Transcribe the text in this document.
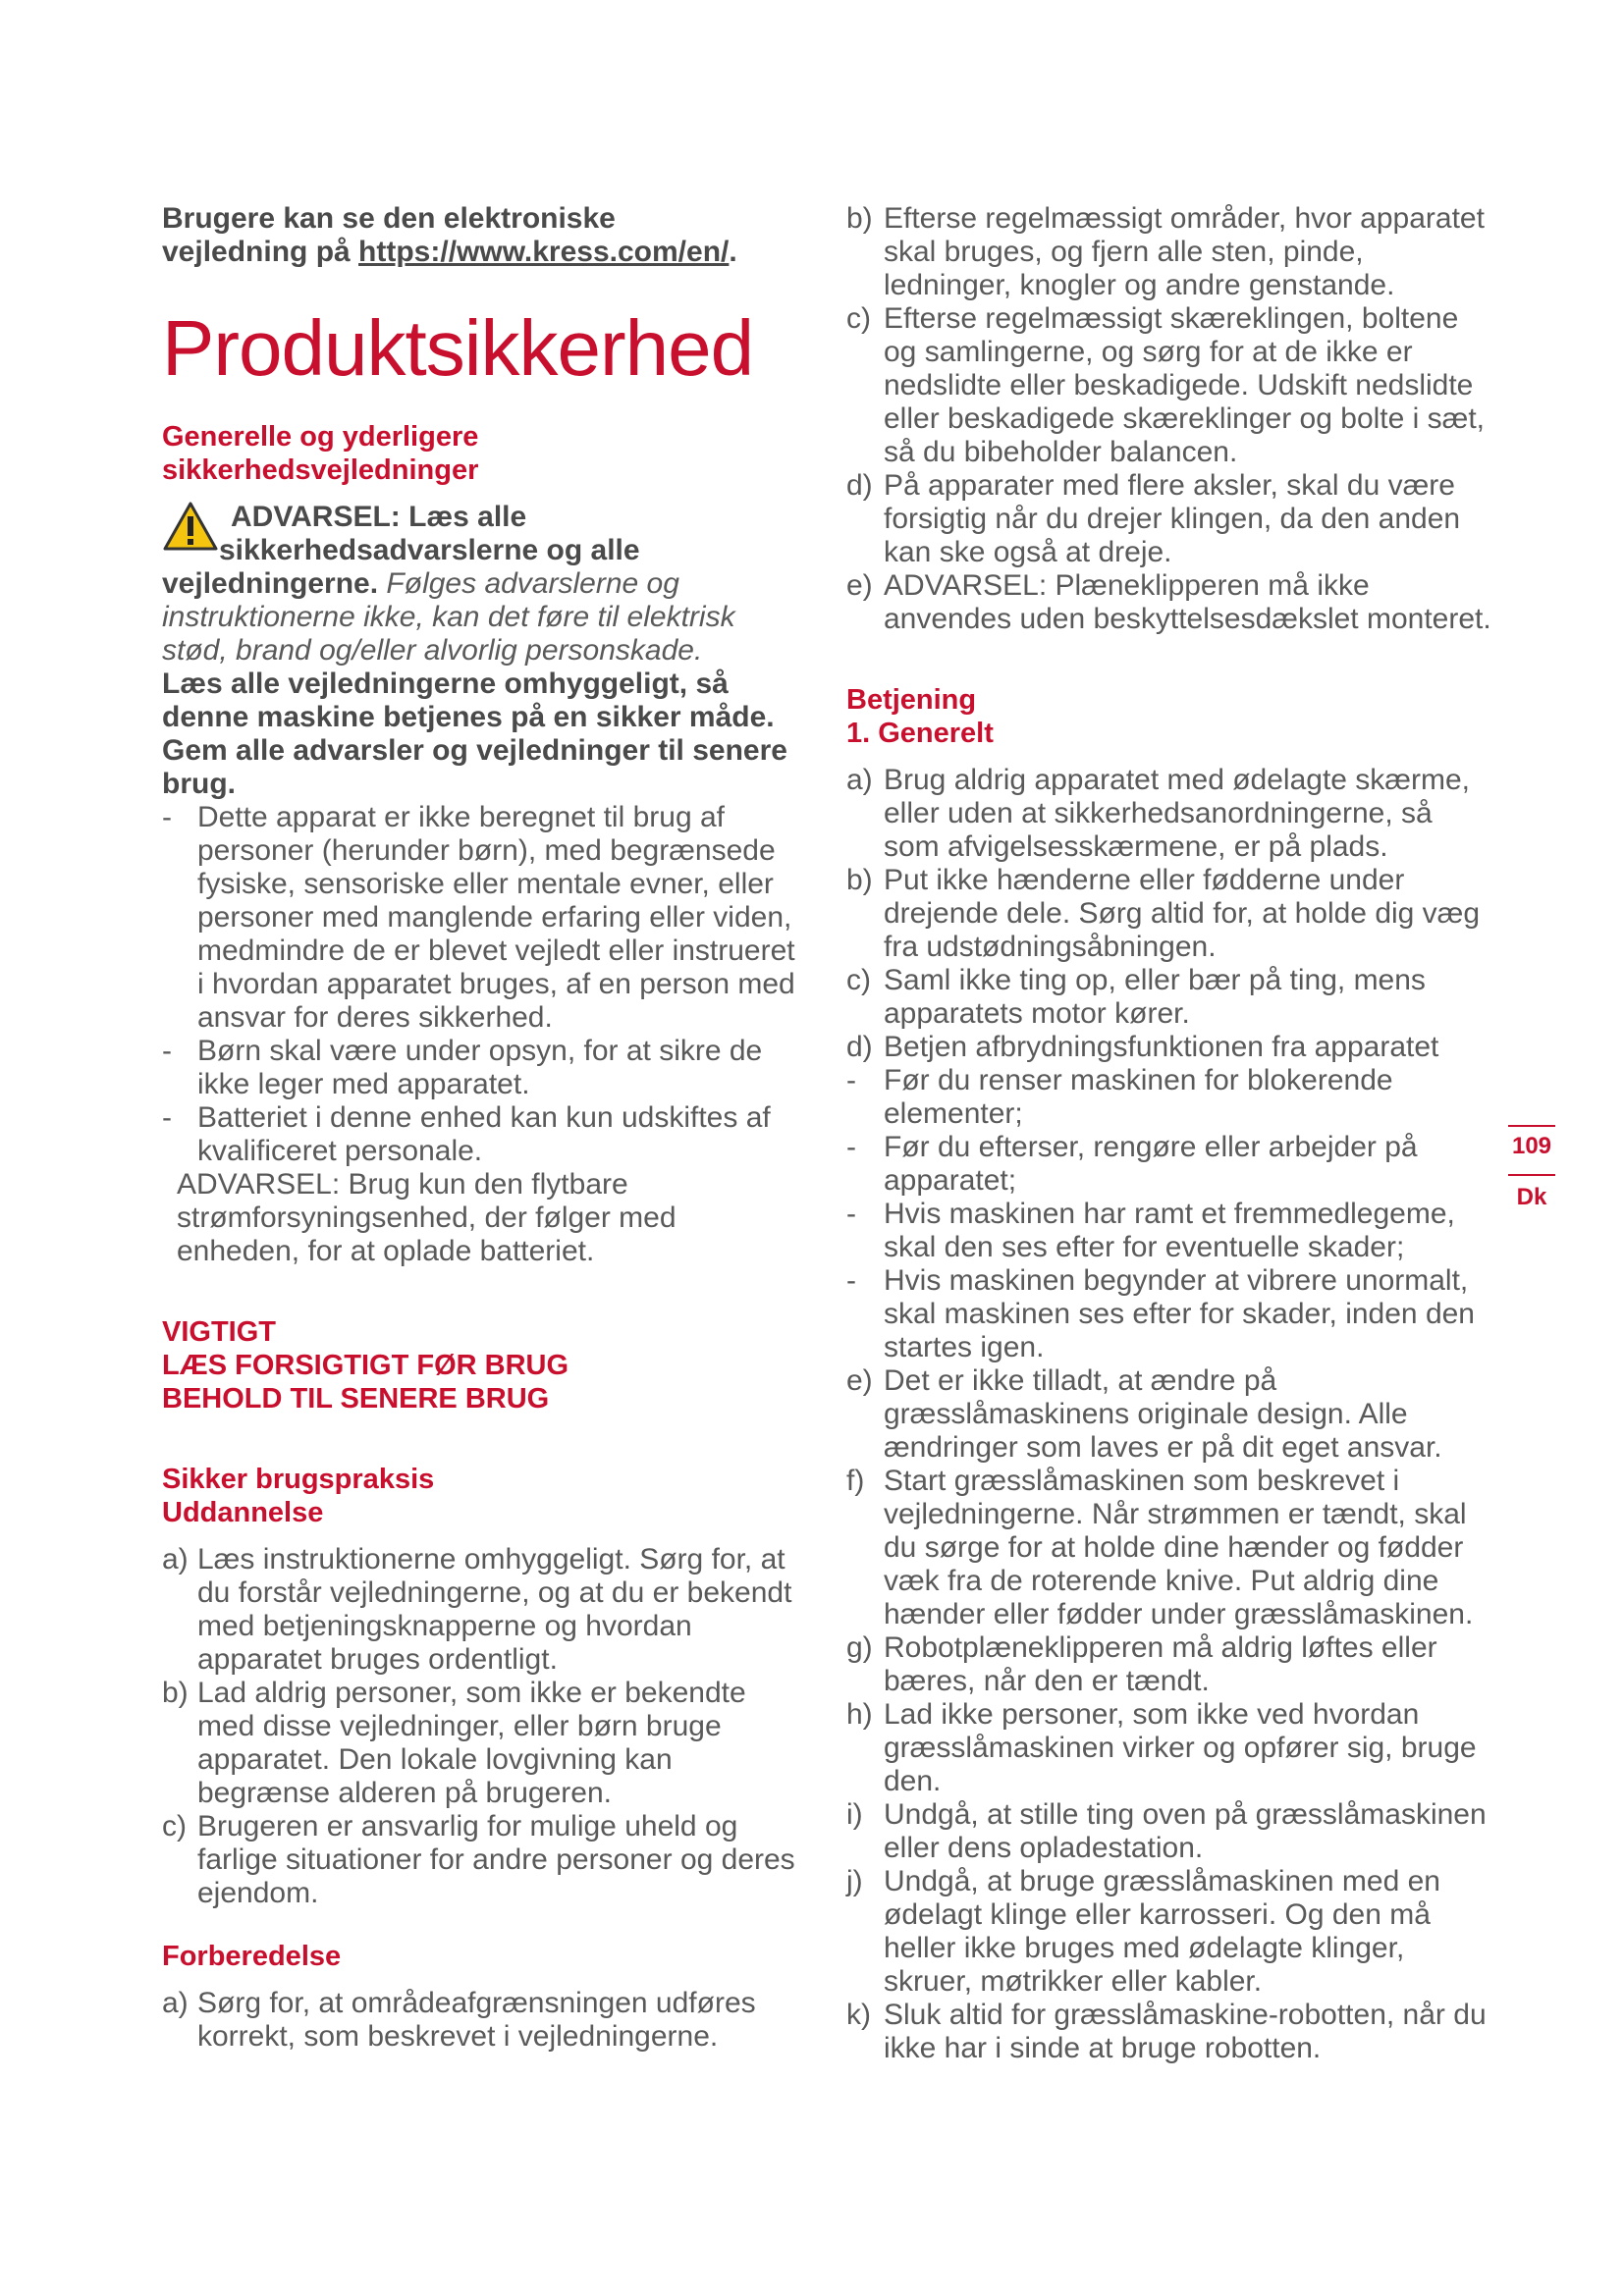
Brugere kan se den elektroniske

vejledning på https://www.kress.com/en/.

Produktsikkerhed

Generelle og yderligere sikkerhedsvejledninger

ADVARSEL: Læs alle

sikkerhedsadvarslerne og alle

vejledningerne. Følges advarslerne og instruktionerne ikke, kan det føre til elektrisk stød, brand og/eller alvorlig personskade.

Læs alle vejledningerne omhyggeligt, så denne maskine betjenes på en sikker måde.

Gem alle advarsler og vejledninger til senere brug.

- Dette apparat er ikke beregnet til brug af personer (herunder børn), med begrænsede fysiske, sensoriske eller mentale evner, eller personer med manglende erfaring eller viden, medmindre de er blevet vejledt eller instrueret i hvordan apparatet bruges, af en person med ansvar for deres sikkerhed.
- Børn skal være under opsyn, for at sikre de ikke leger med apparatet.
- Batteriet i denne enhed kan kun udskiftes af kvalificeret personale.

ADVARSEL: Brug kun den flytbare strømforsyningsenhed, der følger med enheden, for at oplade batteriet.

VIGTIGT

LÆS FORSIGTIGT FØR BRUG

BEHOLD TIL SENERE BRUG

Sikker brugspraksis

Uddannelse

a) Læs instruktionerne omhyggeligt. Sørg for, at du forstår vejledningerne, og at du er bekendt med betjeningsknapperne og hvordan apparatet bruges ordentligt.
b) Lad aldrig personer, som ikke er bekendte med disse vejledninger, eller børn bruge apparatet. Den lokale lovgivning kan begrænse alderen på brugeren.
c) Brugeren er ansvarlig for mulige uheld og farlige situationer for andre personer og deres ejendom.

Forberedelse

a) Sørg for, at områdeafgrænsningen udføres korrekt, som beskrevet i vejledningerne.
b) Efterse regelmæssigt områder, hvor apparatet skal bruges, og fjern alle sten, pinde, ledninger, knogler og andre genstande.
c) Efterse regelmæssigt skæreklingen, boltene og samlingerne, og sørg for at de ikke er nedslidte eller beskadigede. Udskift nedslidte eller beskadigede skæreklinger og bolte i sæt, så du bibeholder balancen.
d) På apparater med flere aksler, skal du være forsigtig når du drejer klingen, da den anden kan ske også at dreje.
e) ADVARSEL: Plæneklipperen må ikke anvendes uden beskyttelsesdækslet monteret.

Betjening

1. Generelt

a) Brug aldrig apparatet med ødelagte skærme, eller uden at sikkerhedsanordningerne, så som afvigelsesskærmene, er på plads.
b) Put ikke hænderne eller fødderne under drejende dele. Sørg altid for, at holde dig væg fra udstødningsåbningen.
c) Saml ikke ting op, eller bær på ting, mens apparatets motor kører.
d) Betjen afbrydningsfunktionen fra apparatet
- Før du renser maskinen for blokerende elementer;
- Før du efterser, rengøre eller arbejder på apparatet;
- Hvis maskinen har ramt et fremmedlegeme, skal den ses efter for eventuelle skader;
- Hvis maskinen begynder at vibrere unormalt, skal maskinen ses efter for skader, inden den startes igen.
e) Det er ikke tilladt, at ændre på græsslåmaskinens originale design. Alle ændringer som laves er på dit eget ansvar.
f) Start græsslåmaskinen som beskrevet i vejledningerne. Når strømmen er tændt, skal du sørge for at holde dine hænder og fødder væk fra de roterende knive. Put aldrig dine hænder eller fødder under græsslåmaskinen.
g) Robotplæneklipperen må aldrig løftes eller bæres, når den er tændt.
h) Lad ikke personer, som ikke ved hvordan græsslåmaskinen virker og opfører sig, bruge den.
i) Undgå, at stille ting oven på græsslåmaskinen eller dens opladestation.
j) Undgå, at bruge græsslåmaskinen med en ødelagt klinge eller karrosseri. Og den må heller ikke bruges med ødelagte klinger, skruer, møtrikker eller kabler.
k) Sluk altid for græsslåmaskine-robotten, når du ikke har i sinde at bruge robotten.
109
Dk
